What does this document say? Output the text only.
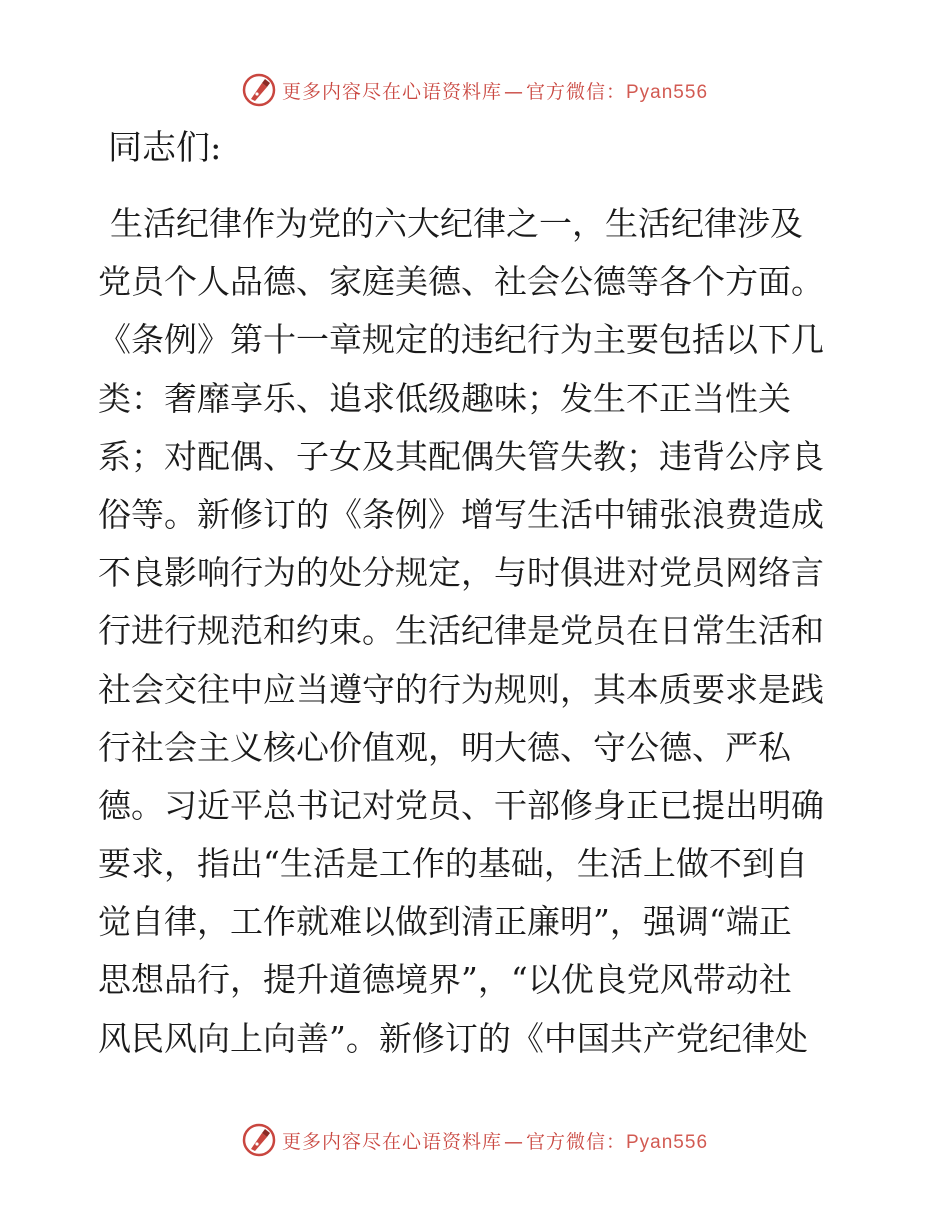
更多内容尽在心语资料库 — 官方微信：Pyan556

同志们:

生活纪律作为党的六大纪律之一，生活纪律涉及
党员个人品德、家庭美德、社会公德等各个方面。
《条例》第十一章规定的违纪行为主要包括以下几
类：奢靡享乐、追求低级趣味；发生不正当性关
系；对配偶、子女及其配偶失管失教；违背公序良
俗等。新修订的《条例》增写生活中铺张浪费造成
不良影响行为的处分规定，与时俱进对党员网络言
行进行规范和约束。生活纪律是党员在日常生活和
社会交往中应当遵守的行为规则，其本质要求是践
行社会主义核心价值观，明大德、守公德、严私
德。习近平总书记对党员、干部修身正已提出明确
要求，指出“生活是工作的基础，生活上做不到自
觉自律，工作就难以做到清正廉明”，强调“端正
思想品行，提升道德境界”，“以优良党风带动社
风民风向上向善”。新修订的《中国共产党纪律处
更多内容尽在心语资料库 — 官方微信：Pyan556
